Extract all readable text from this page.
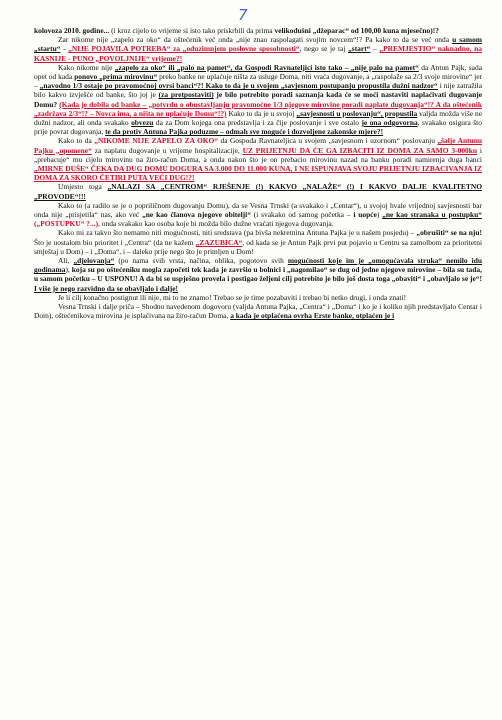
7

kolovoza 2010. godine... (i kroz cijelo to vrijeme si isto tako priskrbili da prima velikodušni „džeparac“ od 100,00 kuna mjesečno)!?

Zar nikome nije „zapelo za oko“ da oštećenik već onda „nije znao raspolagati svojim novcem“!? Pa kako to da se već onda u samom „startu“ - „NIJE POJAVILA POTREBA“ za „oduzimnjem poslovne sposobnosti“, nego se je taj „start“ – „PREMJESTIO“ naknadno, na KASNIJE - PUNO „POVOLJNIJE“ vrijeme?!

Kako nikome nije „zapelo za oko“ ili „palo na pamet“, da Gospodi Ravnateljici isto tako – „nije palo na pamet“ da Antun Pajk, sada opet od kada ponovo „prima mirovinu“ preko banke ne uplaćuje ništa za usluge Doma, niti vraća dugovanje, a „raspolaže sa 2/3 svoje mirovine“ jer – „navodno 1/3 ostaje po pravomoćnoj ovrsi banci“?! Kako to da je u svojem „savjesnom postupanju propustila dužni nadzor“ i nije zatražila bilo kakvo izvješće od banke, što joj je (za pretpostaviti) je bilo potrebito poradi saznanja kada će se moći nastaviti naplaćivati dugovanje Domu? (Kada je dobila od banke – „potvrdu o obustavljanju pravomoćne 1/3 njegove mirovine poradi naplate dugovanja“!? A da oštećenik „zadržava 2/3“!? – Novca ima, a ništa ne uplaćuje Domu“!?) Kako to da je u svojoj „savjesnosti u poslovanju“, propustila valjda možda više ne dužni nadzor, ali onda svakako obvezu da za Dom kojega ona predstavlja i za čije poslovanje i sve ostalo je ona odgovorna, svakako osigura što prije povrat dugovanja, te da protiv Antuna Pajka poduzme – odmah sve moguće i dozvoljene zakonske mjere?!

Kako to da „NIKOME NIJE ZAPELO ZA OKO“ da Gospoda Ravnateljica u svojem „savjesnom i uzornom“ poslovanju „šalje Antunu Pajku „opomene“ za naplatu dugovanje u vrijeme hospitalizacije, UZ PRIJETNJU DA ĆE GA IZBACITI IZ DOMA ZA SAMO 3-000kn i „prebacuje“ mu cijelu mirovinu na žiro-račun Doma, a onda nakon što je on prebacio mirovinu nazad na banku poradi namirenja duga banci „MIRNE DUŠE“ ČEKA DA DUG DOMU DOGURA SA 3.000 DO 11.000 KUNA, I NE ISPUNJAVA SVOJU PRIJETNJU IZBACIVANJA IZ DOMA ZA SKORO ČETIRI PUTA VEĆI DUG!?!

Umjesto toga „NALAZI SA „CENTROM“ RJEŠENJE (!) KAKVO „NALAŽE“ (!) I KAKVO DALJE KVALITETNO „PROVODE“!!!

Kako to (a radilo se je o popriličnom dugovanju Domu), da se Vesna Trnski (a svakako i „Centar“), u svojoj hvale vrijednoj savjesnosti bar onda nije „prisjetila“ nas, ako već „ne kao članova njegove obitelji“ (i svakako od samog početka – i uopće) „ne kao stranaka u postupku“ („POSTUPKU“ ?...), onda svakako kao osoba koje bi možda bilo dužne vraćati njegova dugovanja.

Kako mi za takvo što nemamo niti mogućnosti, niti sredstava (pa bivša nekretnina Antuna Pajka je u našem posjedu) – „obrušiti“ se na nju! Što je uostalom bio prioritet i „Centra“ (da ne kažem „ZAZUBICA“, od kada se je Antun Pajk prvi put pojavio u Centru sa zamolbom za prioritetni smještaj u Dom) – i „Doma“, i – daleko prije nego što je primljen u Dom!

Ali, „djelovanja“ (po nama svih vrsta, načina, oblika, pogotovo svih mogućnosti koje im je „omogućavala struka“ nemilo idu godinama), koja su po oštećeniku mogla započeti tek kada je završio u bolnici i „nagomilao“ se dug od jedne njegove mirovine – bila su tada, u samom početku – U USPONU! A da bi se uspješno provela i postigao željeni cilj potrebito je bilo još dosta toga „obaviti“ i „obavljalo se je“! I više je nego razvidno da se obavljalo i dalje!

Je li cilj konačno postignut ili nije, mi to ne znamo! Trebao se je time pozabaviti i trebao bi netko drugi, i onda znati!

Vesna Trnski i dalje priča – Shodno navedenom dogovoru (valjda Antuna Pajka, „Centra“ i „Doma“ i ko je i koliko njih predstavljalo Centar i Dom), oštećenikova mirovina je isplaćivana na žiro-račun Doma, a kada je otplaćena ovrha Erste banke, otplaćen je i
